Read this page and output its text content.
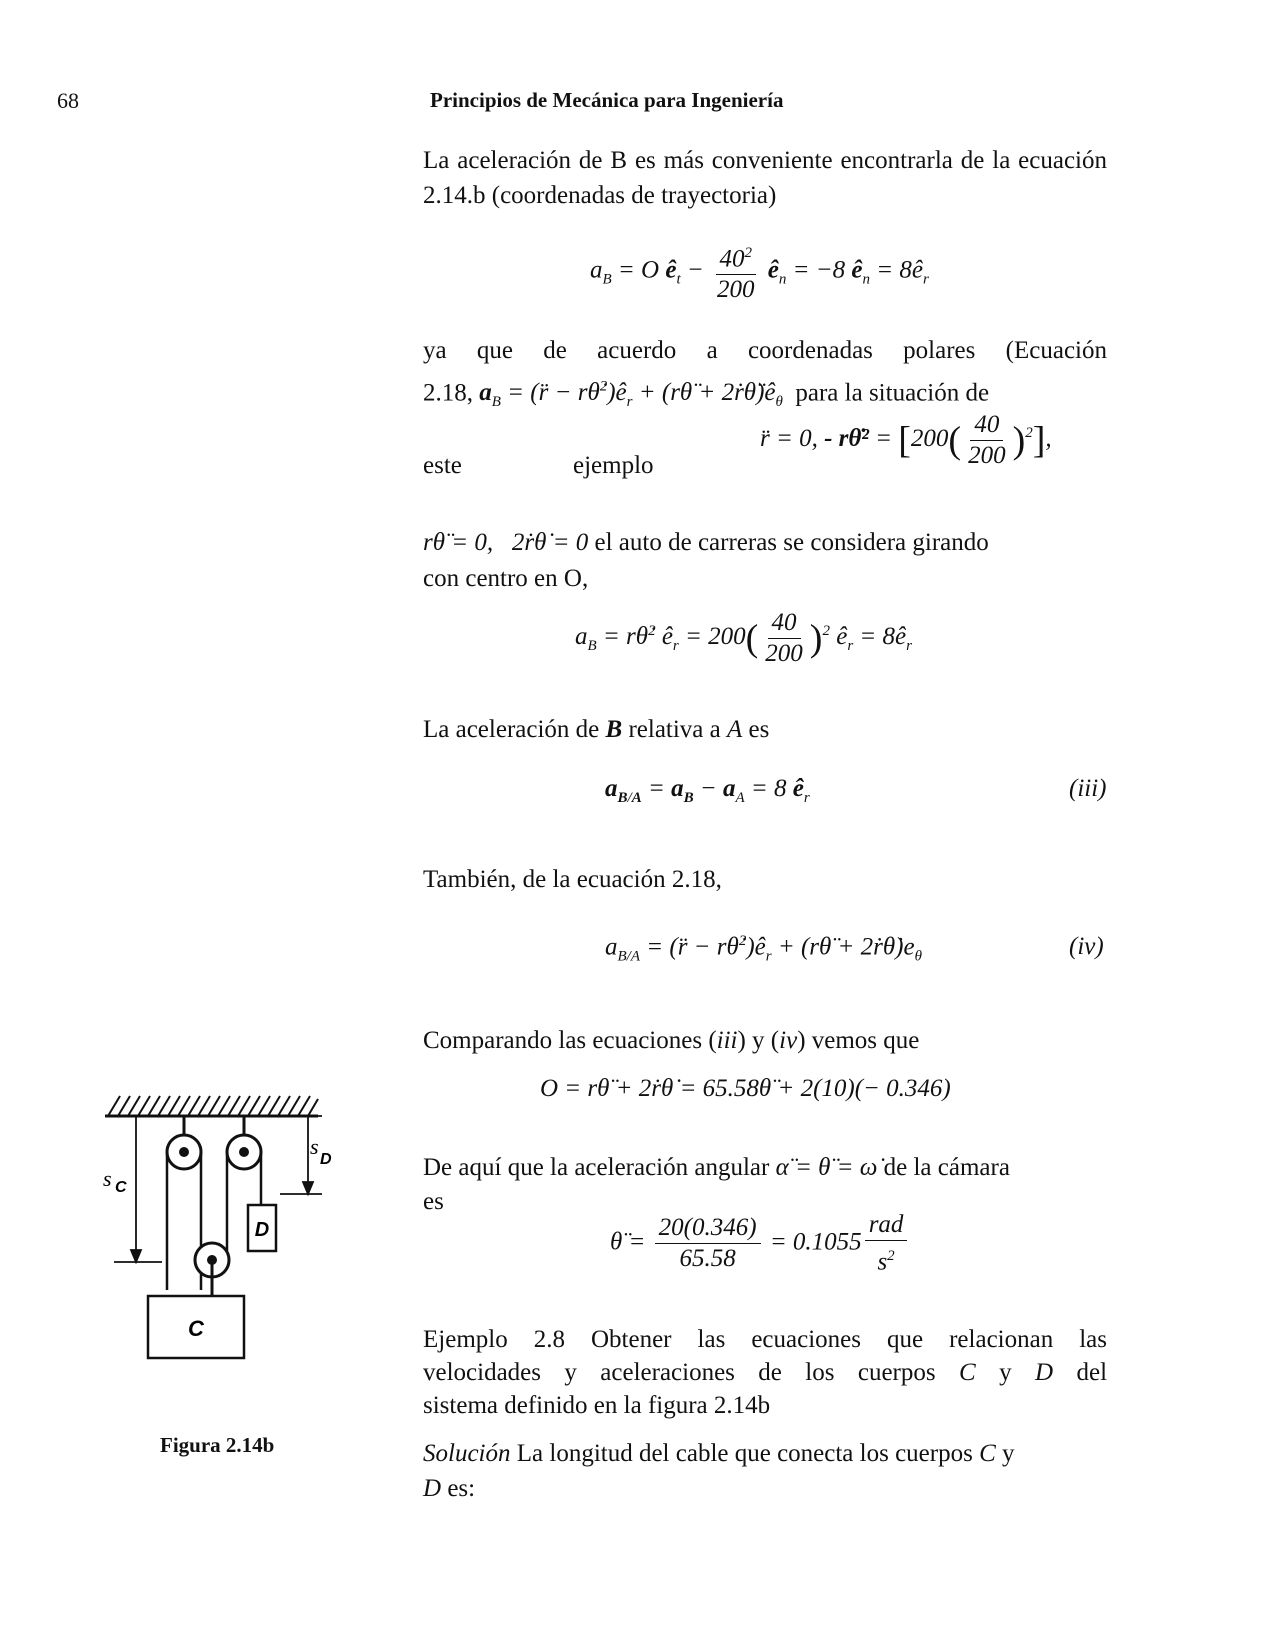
68	Principios de Mecánica para Ingeniería
La aceleración de B es más conveniente encontrarla de la ecuación 2.14.b (coordenadas de trayectoria)
$a_B = O$ $ê_t - \frac{40^2}{200}$ $ê_n = -8$ $ê_n$ = $8ê_r$
ya que de acuerdo a coordenadas polares (Ecuación
2.18, $a_B$ = (r̈ − $r\thetȧ^2)ê_r$ + (rθ̈ + $2ṙ\thetä)ê_\theta$ para la situación de
este	ejemplo
r̈ = 0, - rθ̇² = $[200( \frac{40}{200} )^2]$,
rθ̈ = 0,   2ṙθ̇ = 0 el auto de carreras se considera girando
con centro en O,
$a_B$ = rθ̇$^2$ $ê_r = 200( \frac{40}{200} )^2$ $ê_r$ = $8ê_r$
La aceleración de B relativa a A es
$a_{B/A} = a_B - a_A = 8$ $ê_r$	(iii)
También, de la ecuación 2.18,
$a_{B/A}$ = (r̈ − $r\thetȧ^2)ê_r$ + (rθ̈ + $2ṙ\thetȧ)e_\theta$	(iv)
Comparando las ecuaciones (iii) y (iv) vemos que
O = rθ̈ + 2ṙθ̇ = 65.58θ̈ + 2(10)(− 0.346)
De aquí que la aceleración angular α̈ = θ̈ = ω̇ de la cámara
es
θ̈ = $\frac{20(0.346)}{65.58} = 0.1055 \frac{\text{rad}}{s^2}$
Ejemplo 2.8 Obtener las ecuaciones que relacionan las
velocidades y aceleraciones de los cuerpos C y D del
sistema definido en la figura 2.14b
Solución La longitud del cable que conecta los cuerpos C y
D es:
D
C
s C
s
D
Figura 2.14b
